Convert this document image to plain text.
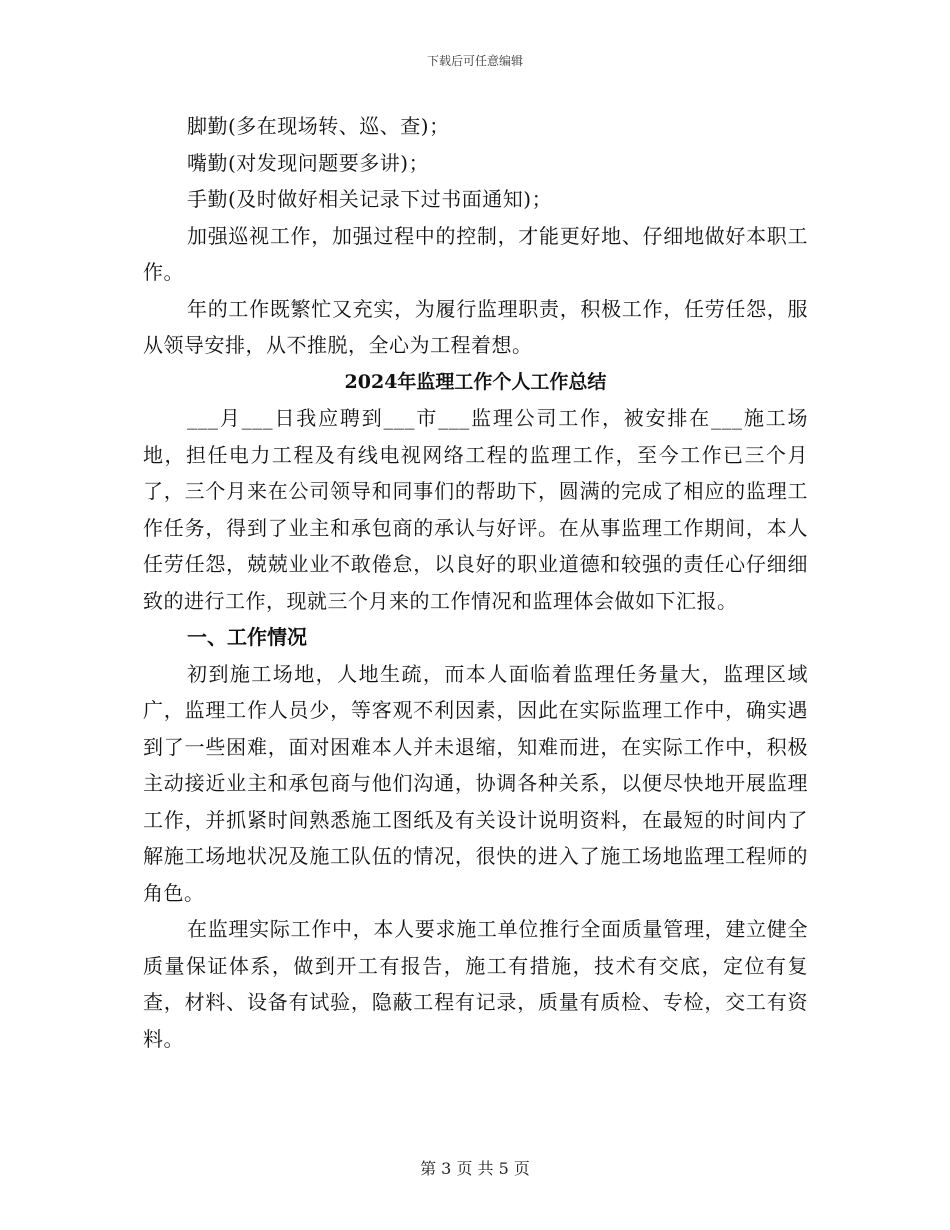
下载后可任意编辑

脚勤(多在现场转、巡、查)；

嘴勤(对发现问题要多讲)；

手勤(及时做好相关记录下过书面通知)；

加强巡视工作，加强过程中的控制，才能更好地、仔细地做好本职工作。

年的工作既繁忙又充实，为履行监理职责，积极工作，任劳任怨，服从领导安排，从不推脱，全心为工程着想。

2024年监理工作个人工作总结

___月___日我应聘到___市___监理公司工作，被安排在___施工场地，担任电力工程及有线电视网络工程的监理工作，至今工作已三个月了，三个月来在公司领导和同事们的帮助下，圆满的完成了相应的监理工作任务，得到了业主和承包商的承认与好评。在从事监理工作期间，本人任劳任怨，兢兢业业不敢倦怠，以良好的职业道德和较强的责任心仔细细致的进行工作，现就三个月来的工作情况和监理体会做如下汇报。

一、工作情况

初到施工场地，人地生疏，而本人面临着监理任务量大，监理区域广，监理工作人员少，等客观不利因素，因此在实际监理工作中，确实遇到了一些困难，面对困难本人并未退缩，知难而进，在实际工作中，积极主动接近业主和承包商与他们沟通，协调各种关系，以便尽快地开展监理工作，并抓紧时间熟悉施工图纸及有关设计说明资料，在最短的时间内了解施工场地状况及施工队伍的情况，很快的进入了施工场地监理工程师的角色。

在监理实际工作中，本人要求施工单位推行全面质量管理，建立健全质量保证体系，做到开工有报告，施工有措施，技术有交底，定位有复查，材料、设备有试验，隐蔽工程有记录，质量有质检、专检，交工有资料。

第 3 页 共 5 页
